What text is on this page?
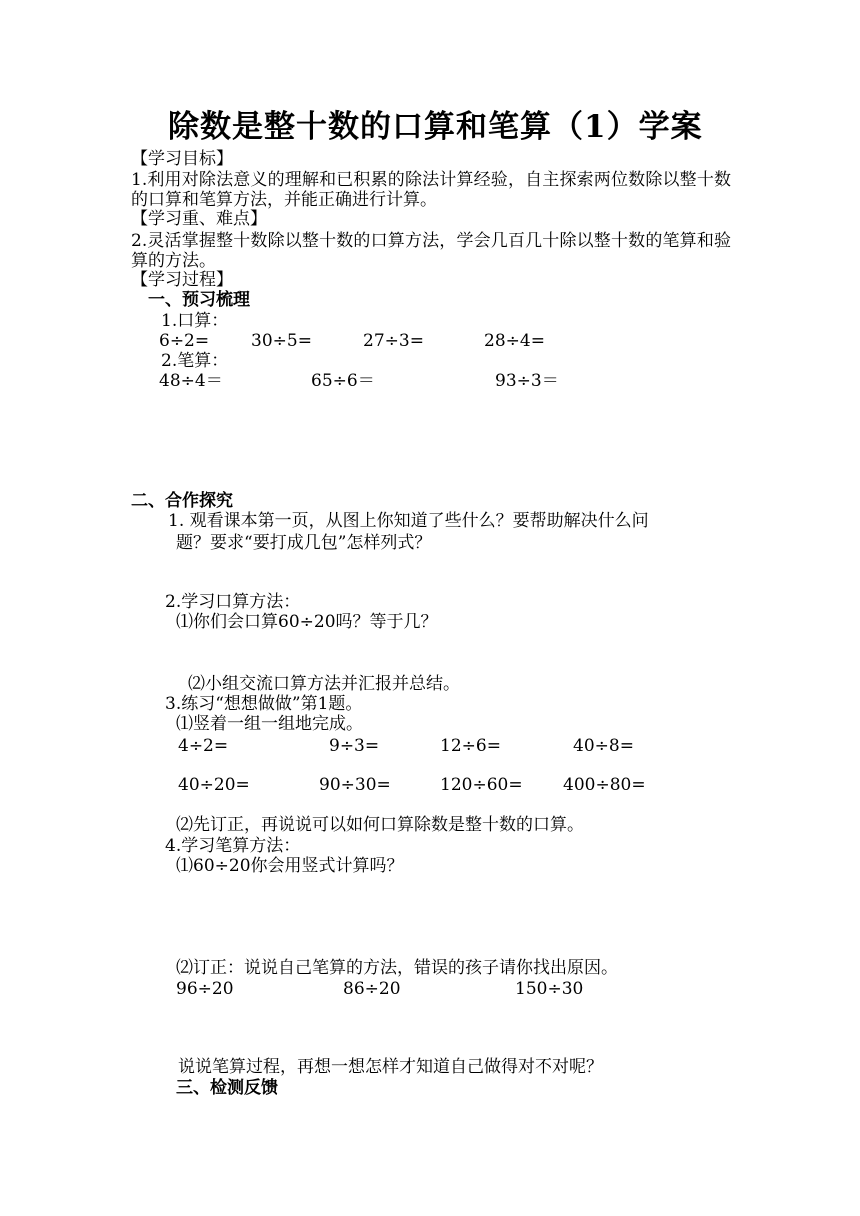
除数是整十数的口算和笔算（1）学案
【学习目标】
1.利用对除法意义的理解和已积累的除法计算经验，自主探索两位数除以整十数的口算和笔算方法，并能正确进行计算。
【学习重、难点】
2.灵活掌握整十数除以整十数的口算方法，学会几百几十除以整十数的笔算和验算的方法。
【学习过程】
一、预习梳理
1.口算：
6÷2= 30÷5=	27÷3=	28÷4=
2.笔算：
48÷4＝	65÷6＝	93÷3＝
二、合作探究
1. 观看课本第一页，从图上你知道了些什么？要帮助解决什么问
题？要求“要打成几包”怎样列式？
2.学习口算方法：
⑴你们会口算60÷20吗？等于几？
⑵小组交流口算方法并汇报并总结。
3.练习“想想做做”第1题。
⑴竖着一组一组地完成。
4÷2=	9÷3=	12÷6=	40÷8=
40÷20=	90÷30=	120÷60= 400÷80=
⑵先订正，再说说可以如何口算除数是整十数的口算。
4.学习笔算方法：
⑴60÷20你会用竖式计算吗？
⑵订正：说说自己笔算的方法，错误的孩子请你找出原因。
96÷20	86÷20	150÷30
说说笔算过程，再想一想怎样才知道自己做得对不对呢？
三、检测反馈
